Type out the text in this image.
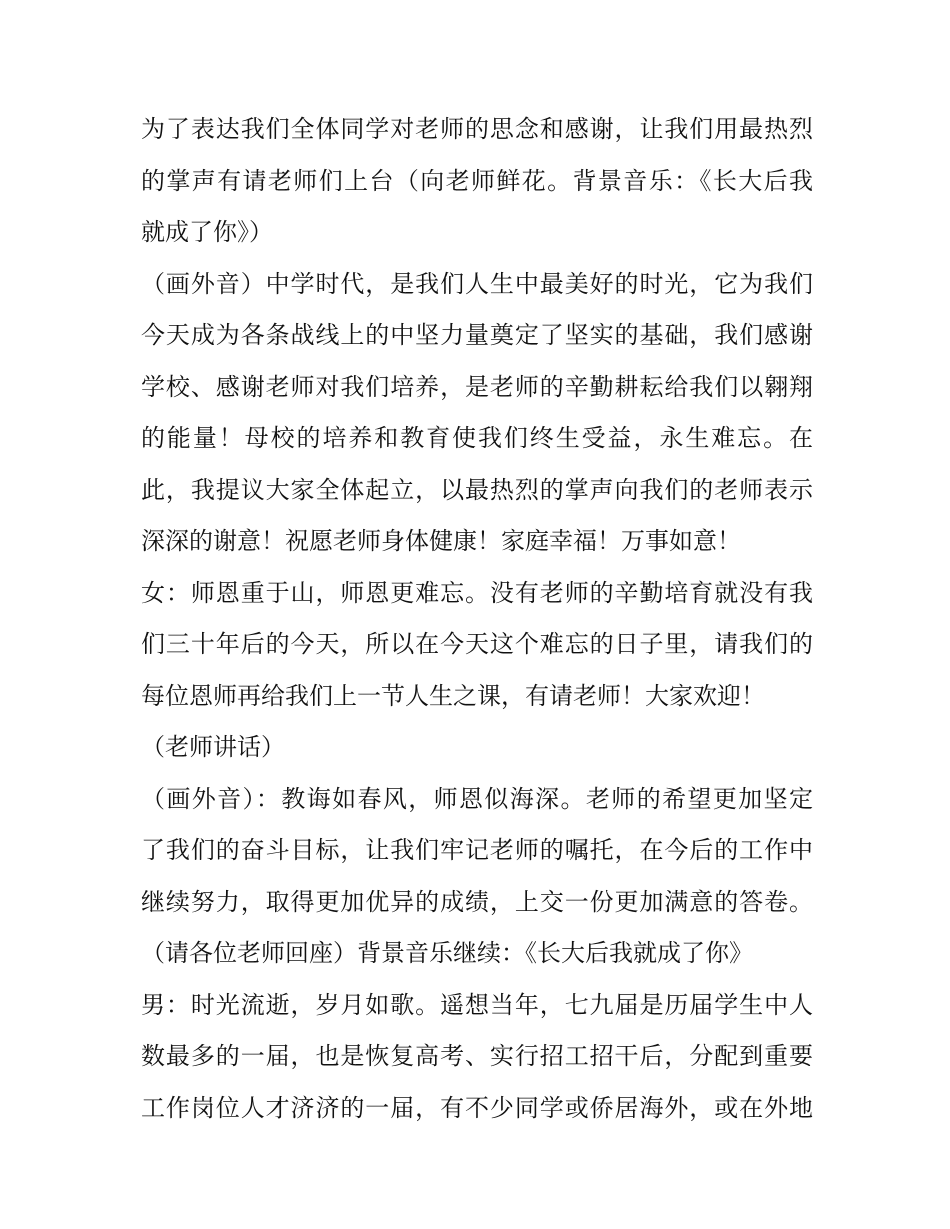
为了表达我们全体同学对老师的思念和感谢，让我们用最热烈
的掌声有请老师们上台（向老师鲜花。背景音乐：《长大后我
就成了你》）
（画外音）中学时代，是我们人生中最美好的时光，它为我们
今天成为各条战线上的中坚力量奠定了坚实的基础，我们感谢
学校、感谢老师对我们培养，是老师的辛勤耕耘给我们以翱翔
的能量！母校的培养和教育使我们终生受益，永生难忘。在
此，我提议大家全体起立，以最热烈的掌声向我们的老师表示
深深的谢意！祝愿老师身体健康！家庭幸福！万事如意！
女：师恩重于山，师恩更难忘。没有老师的辛勤培育就没有我
们三十年后的今天，所以在今天这个难忘的日子里，请我们的
每位恩师再给我们上一节人生之课，有请老师！大家欢迎！
（老师讲话）
（画外音）：教诲如春风，师恩似海深。老师的希望更加坚定
了我们的奋斗目标，让我们牢记老师的嘱托，在今后的工作中
继续努力，取得更加优异的成绩，上交一份更加满意的答卷。
（请各位老师回座）背景音乐继续：《长大后我就成了你》
男：时光流逝，岁月如歌。遥想当年，七九届是历届学生中人
数最多的一届，也是恢复高考、实行招工招干后，分配到重要
工作岗位人才济济的一届，有不少同学或侨居海外，或在外地
